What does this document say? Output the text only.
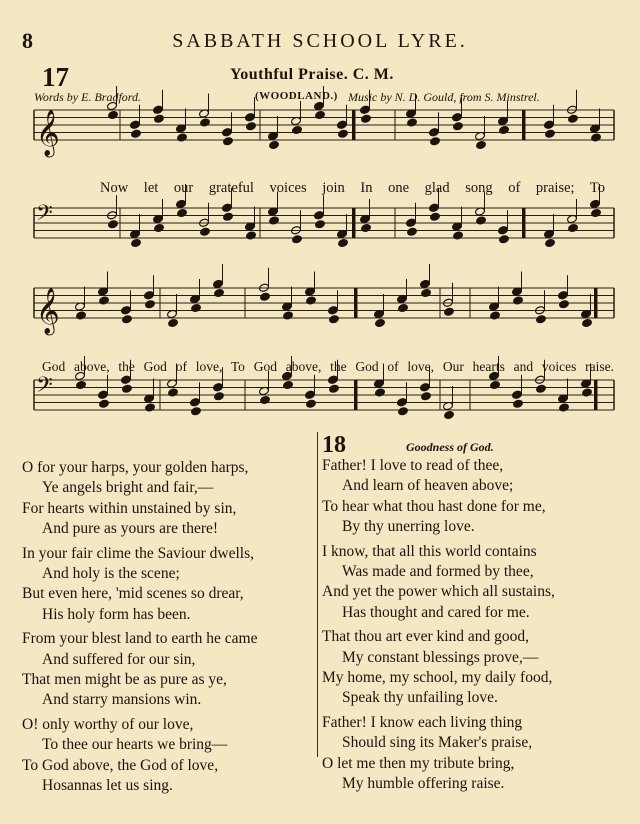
8	SABBATH SCHOOL LYRE.
17	Youthful Praise. C. M.
Words by E. Bradford.	(WOODLAND.) Music by N. D. Gould, from S. Minstrel.
𝄞
𝄢
𝄞
𝄢
Now let our grateful voices join In one glad song of praise; To
God above, the God of love, To God above, the God of love, Our hearts and voices raise.
O for your harps, your golden harps,
Ye angels bright and fair,—
For hearts within unstained by sin,
And pure as yours are there!
In your fair clime the Saviour dwells,
And holy is the scene;
But even here, 'mid scenes so drear,
His holy form has been.
From your blest land to earth he came
And suffered for our sin,
That men might be as pure as ye,
And starry mansions win.
O! only worthy of our love,
To thee our hearts we bring—
To God above, the God of love,
Hosannas let us sing.
18	Goodness of God.
Father! I love to read of thee,
And learn of heaven above;
To hear what thou hast done for me,
By thy unerring love.
I know, that all this world contains
Was made and formed by thee,
And yet the power which all sustains,
Has thought and cared for me.
That thou art ever kind and good,
My constant blessings prove,—
My home, my school, my daily food,
Speak thy unfailing love.
Father! I know each living thing
Should sing its Maker's praise,
O let me then my tribute bring,
My humble offering raise.
